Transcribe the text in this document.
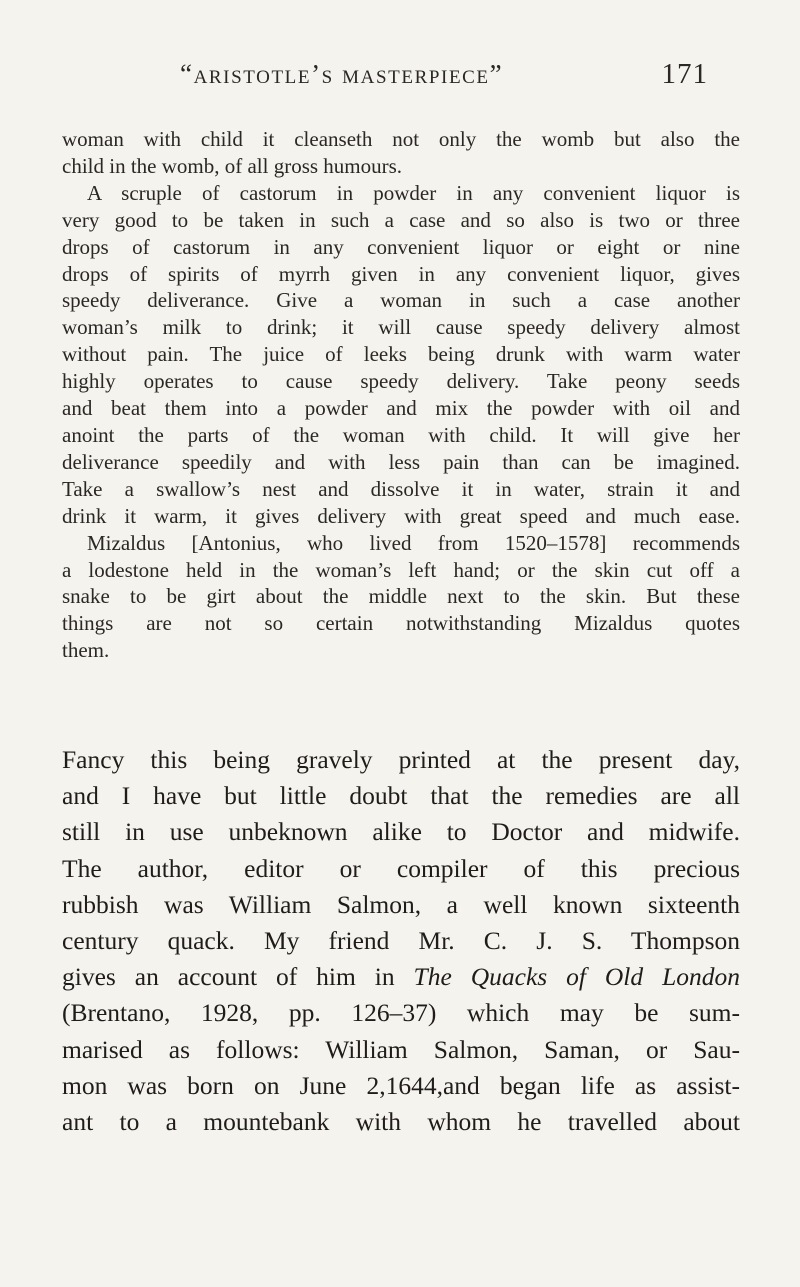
“aristotle’s masterpiece”	171
woman with child it cleanseth not only the womb but also the
child in the womb, of all gross humours.
A scruple of castorum in powder in any convenient liquor is
very good to be taken in such a case and so also is two or three
drops of castorum in any convenient liquor or eight or nine
drops of spirits of myrrh given in any convenient liquor, gives
speedy deliverance. Give a woman in such a case another
woman’s milk to drink; it will cause speedy delivery almost
without pain. The juice of leeks being drunk with warm water
highly operates to cause speedy delivery. Take peony seeds
and beat them into a powder and mix the powder with oil and
anoint the parts of the woman with child. It will give her
deliverance speedily and with less pain than can be imagined.
Take a swallow’s nest and dissolve it in water, strain it and
drink it warm, it gives delivery with great speed and much ease.
Mizaldus [Antonius, who lived from 1520–1578] recommends
a lodestone held in the woman’s left hand; or the skin cut off a
snake to be girt about the middle next to the skin. But these
things are not so certain notwithstanding Mizaldus quotes
them.
Fancy this being gravely printed at the present day,
and I have but little doubt that the remedies are all
still in use unbeknown alike to Doctor and midwife.
The author, editor or compiler of this precious
rubbish was William Salmon, a well known sixteenth
century quack. My friend Mr. C. J. S. Thompson
gives an account of him in The Quacks of Old London
(Brentano, 1928, pp. 126–37) which may be sum-
marised as follows: William Salmon, Saman, or Sau-
mon was born on June 2,1644,and began life as assist-
ant to a mountebank with whom he travelled about
